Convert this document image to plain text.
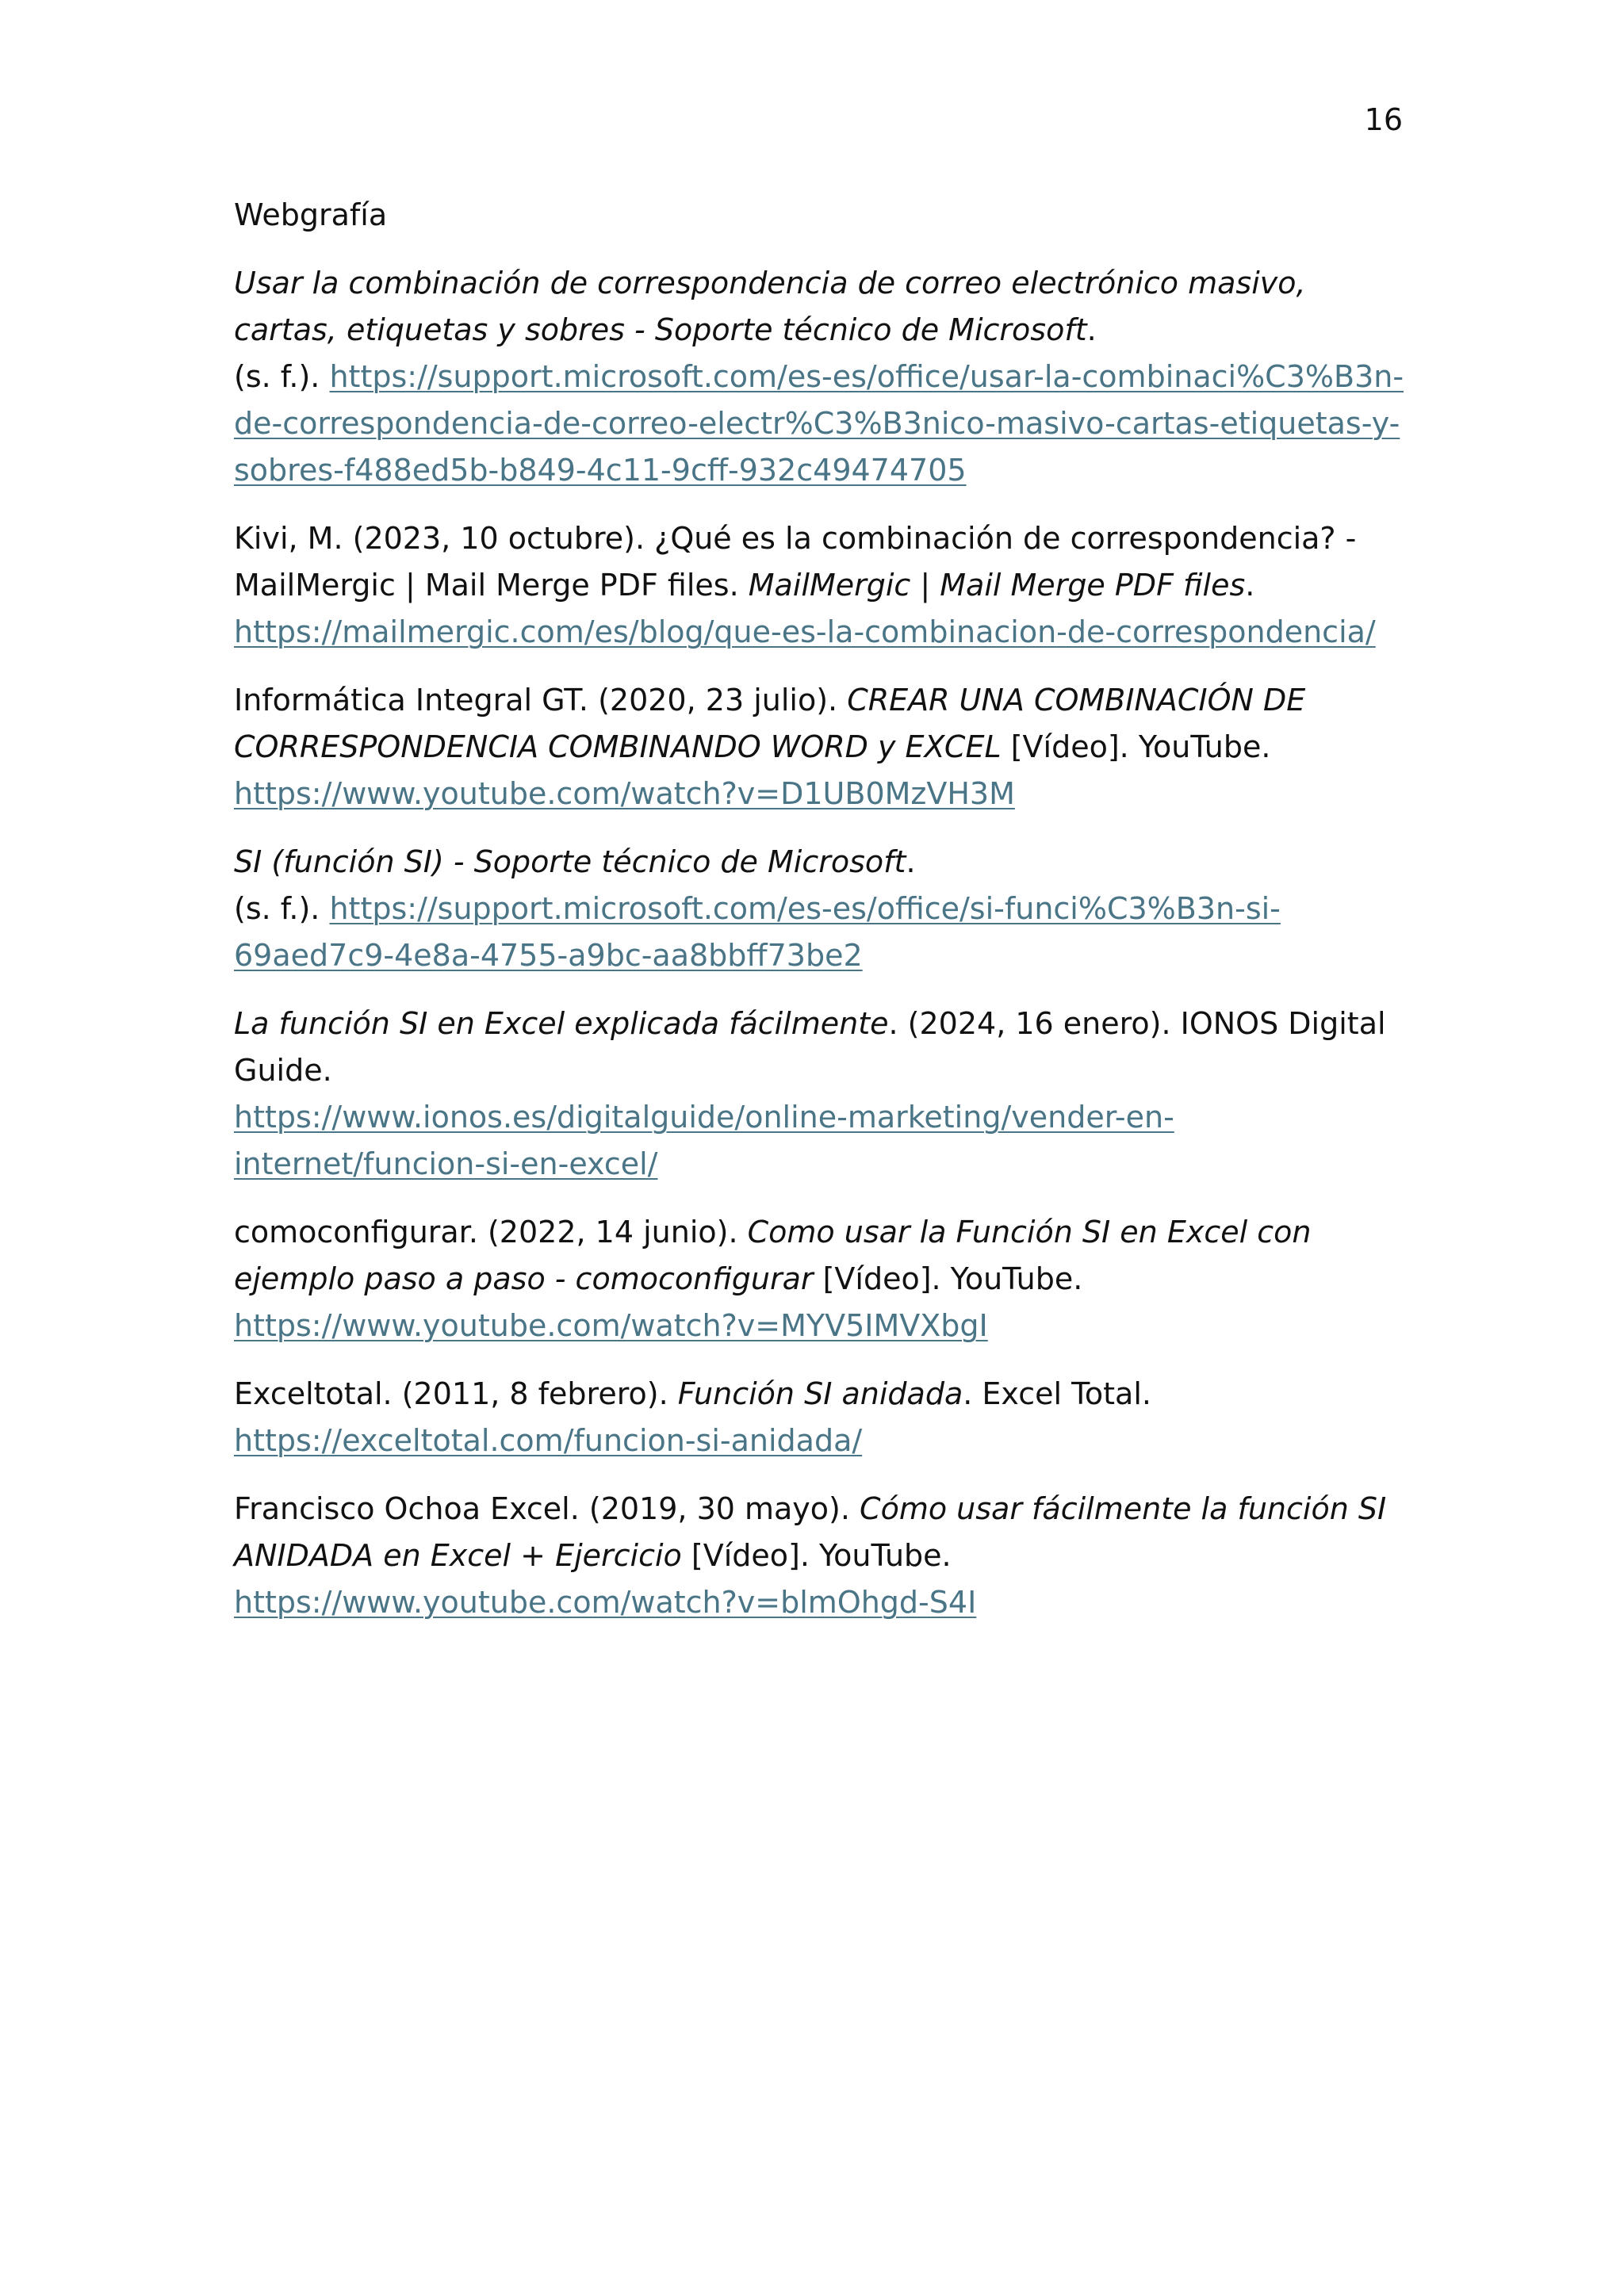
16
Webgrafía

Usar la combinación de correspondencia de correo electrónico masivo, cartas, etiquetas y sobres - Soporte técnico de Microsoft.
(s. f.). https://support.microsoft.com/es-es/office/usar-la-combinaci%C3%B3n-de-correspondencia-de-correo-electr%C3%B3nico-masivo-cartas-etiquetas-y-sobres-f488ed5b-b849-4c11-9cff-932c49474705

Kivi, M. (2023, 10 octubre). ¿Qué es la combinación de correspondencia? - MailMergic | Mail Merge PDF files. MailMergic | Mail Merge PDF files.
https://mailmergic.com/es/blog/que-es-la-combinacion-de-correspondencia/

Informática Integral GT. (2020, 23 julio). CREAR UNA COMBINACIÓN DE CORRESPONDENCIA COMBINANDO WORD y EXCEL [Vídeo]. YouTube.
https://www.youtube.com/watch?v=D1UB0MzVH3M

SI (función SI) - Soporte técnico de Microsoft.
(s. f.). https://support.microsoft.com/es-es/office/si-funci%C3%B3n-si-69aed7c9-4e8a-4755-a9bc-aa8bbff73be2

La función SI en Excel explicada fácilmente. (2024, 16 enero). IONOS Digital Guide.
https://www.ionos.es/digitalguide/online-marketing/vender-en-internet/funcion-si-en-excel/

comoconfigurar. (2022, 14 junio). Como usar la Función SI en Excel con ejemplo paso a paso - comoconfigurar [Vídeo]. YouTube.
https://www.youtube.com/watch?v=MYV5IMVXbgI

Exceltotal. (2011, 8 febrero). Función SI anidada. Excel Total. https://exceltotal.com/funcion-si-anidada/

Francisco Ochoa Excel. (2019, 30 mayo). Cómo usar fácilmente la función SI ANIDADA en Excel + Ejercicio [Vídeo]. YouTube. https://www.youtube.com/watch?v=blmOhgd-S4I
